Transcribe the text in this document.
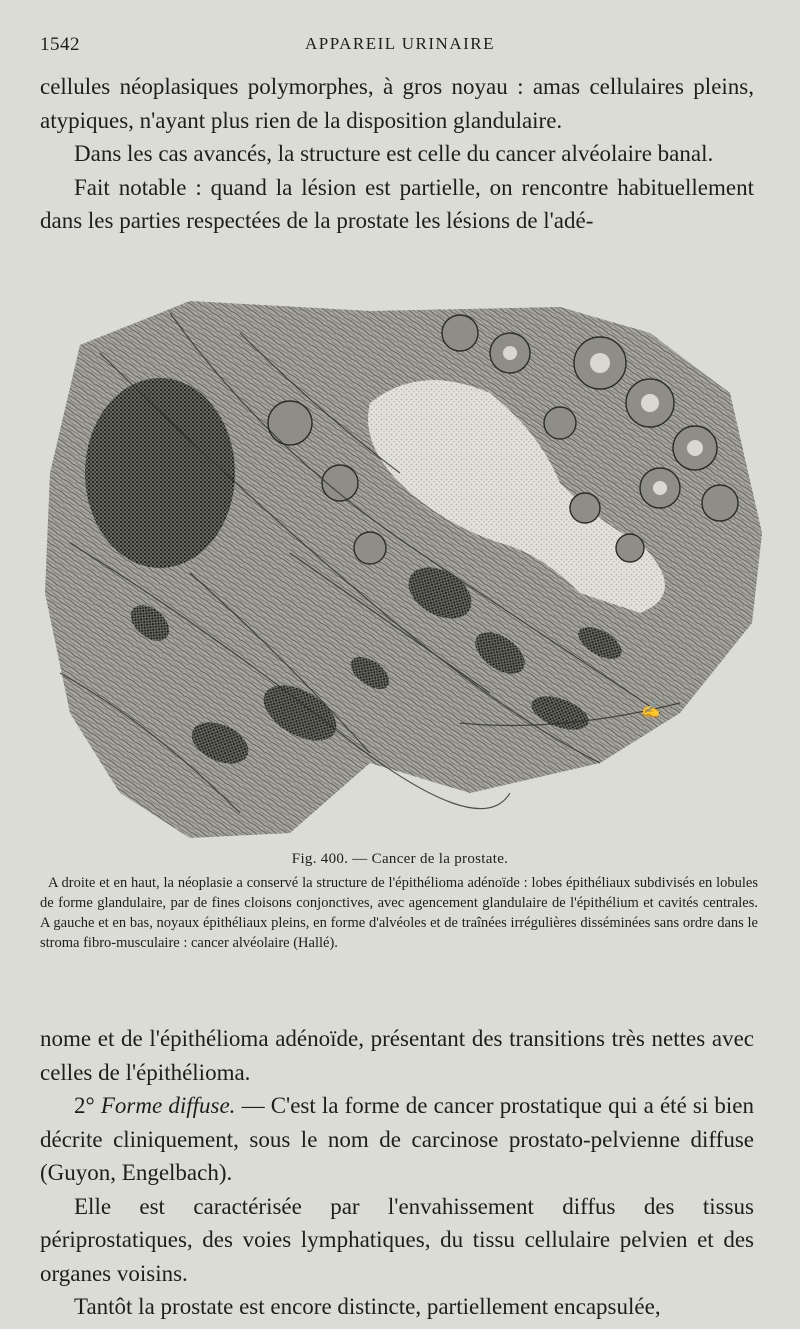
1542	APPAREIL URINAIRE

cellules néoplasiques polymorphes, à gros noyau : amas cellulaires pleins, atypiques, n'ayant plus rien de la disposition glandulaire.

Dans les cas avancés, la structure est celle du cancer alvéolaire banal.

Fait notable : quand la lésion est partielle, on rencontre habituellement dans les parties respectées de la prostate les lésions de l'adé-

✍
Fig. 400. — Cancer de la prostate.
A droite et en haut, la néoplasie a conservé la structure de l'épithélioma adénoïde : lobes épithéliaux subdivisés en lobules de forme glandulaire, par de fines cloisons conjonctives, avec agencement glandulaire de l'épithélium et cavités centrales. A gauche et en bas, noyaux épithéliaux pleins, en forme d'alvéoles et de traînées irrégulières disséminées sans ordre dans le stroma fibro-musculaire : cancer alvéolaire (Hallé).

nome et de l'épithélioma adénoïde, présentant des transitions très nettes avec celles de l'épithélioma.

2° Forme diffuse. — C'est la forme de cancer prostatique qui a été si bien décrite cliniquement, sous le nom de carcinose prostato-pelvienne diffuse (Guyon, Engelbach).

Elle est caractérisée par l'envahissement diffus des tissus périprostatiques, des voies lymphatiques, du tissu cellulaire pelvien et des organes voisins.

Tantôt la prostate est encore distincte, partiellement encapsulée,
